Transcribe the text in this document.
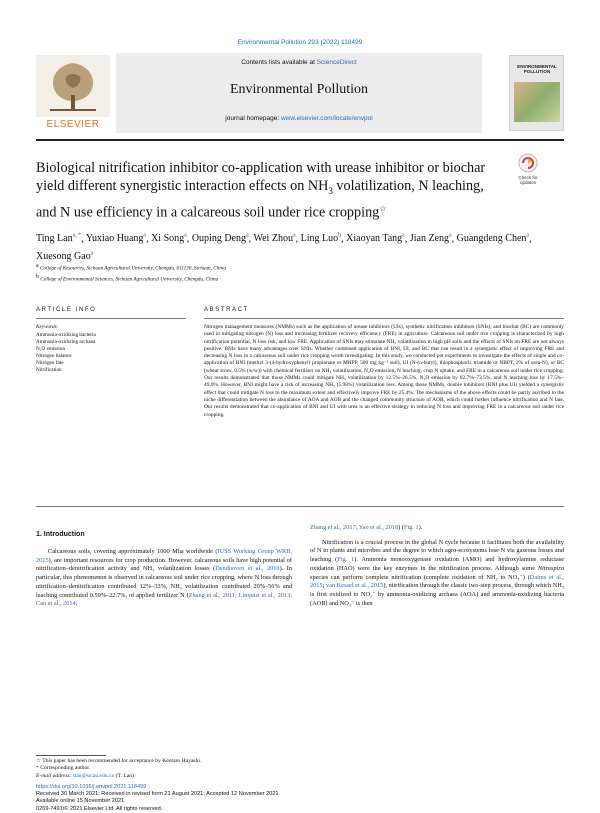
Environmental Pollution 293 (2022) 118499
ELSEVIER
Contents lists available at ScienceDirect
Environmental Pollution
journal homepage: www.elsevier.com/locate/envpol
ENVIRONMENTAL POLLUTION
Biological nitrification inhibitor co-application with urease inhibitor or biochar yield different synergistic interaction effects on $NH_3$ volatilization, N leaching, and N use efficiency in a calcareous soil under rice cropping☆
Check for updates
Ting Lan$^{a, *}$, Yuxiao Huang$^a$, Xi Song$^a$, Ouping Deng$^a$, Wei Zhou$^a$, Ling Luo$^b$, Xiaoyan Tang$^a$, Jian Zeng$^a$, Guangdeng Chen$^a$, Xuesong Gao$^a$
$^a$ College of Resources, Sichuan Agricultural University, Chengdu, 611130, Sichuan, China
$^b$ College of Environmental Sciences, Sichuan Agricultural University, Chengdu, China
ARTICLE INFO
Keywords:
Ammonia-oxidizing bacteria
Ammonia-oxidizing archaea
N₂O emission
Nitrogen balance
Nitrogen fate
Nitrification
ABSTRACT
Nitrogen management measures (NMMs) such as the application of urease inhibitors (UIs), synthetic nitrification inhibitors (SNIs), and biochar (BC) are commonly used in mitigating nitrogen (N) loss and increasing fertilizer recovery efficiency (FRE) in agriculture. Calcareous soil under rice cropping is characterized by high nitrification potential, N loss risk, and low FRE. Application of SNIs may stimulate NH₃ volatilization in high pH soils and the effects of SNIs on FRE are not always positive. BNIs have many advantages over SNIs. Whether combined application of BNI, UI, and BC that can result in a synergistic effect of improving FRE and decreasing N loss in a calcareous soil under rice cropping worth investigating. In this study, we conducted pot experiments to investigate the effects of single and co-application of BNI (methyl 3-(4-hydroxyphenyl) propionate or MHPP, 500 mg kg⁻¹ soil), UI (N-(n-butyl), thiophosphoric triamide or NBPT, 2% of urea-N), or BC (wheat straw, 0.5% (w/w)) with chemical fertilizer on NH₃ volatilization, N₂O emission, N leaching, crop N uptake, and FRE in a calcareous soil under rice cropping. Our results demonstrated that those NMMs could mitigate NH₃ volatilization by 12.5%–26.5%, N₂O emission by 62.7%–73.5%, and N leaching loss by 17.5%–49.0%. However, BNI might have a risk of increasing NH₃ (5.98%) volatilization loss. Among those NMMs, double inhibitors (BNI plus UI) yielded a synergistic effect that could mitigate N loss to the maximum extent and effectively improve FRE by 25.4%. The mechanisms of the above effects could be partly ascribed to the niche differentiation between the abundance of AOA and AOB and the changed community structure of AOB, which could further influence nitrification and N fate. Our results demonstrated that co-application of BNI and UI with urea is an effective strategy in reducing N loss and improving FRE in a calcareous soil under rice cropping.
1. Introduction

Calcareous soils, covering approximately 1000 Mha worldwide (IUSS Working Group WRB, 2015), are important resources for crop production. However, calcareous soils have high potential of nitrification–denitrification activity and NH₃ volatilization losses (Dendooven et al., 2010). In particular, this phenomenon is observed in calcareous soil under rice cropping, where N loss through nitrification–denitrification contributed 12%–33%, NH₃ volatilization contributed 20%–56% and leaching contributed 0.59%–22.7%, of applied fertilizer N (Zhang et al., 2011; Linquist et al., 2013; Cao et al., 2014;

Zhang et al., 2017; Yao et al., 2018) (Fig. 1).

Nitrification is a crucial process in the global N cycle because it facilitates both the availability of N to plants and microbes and the degree to which agro-ecosystems lose N via gaseous losses and leaching (Fig. 1). Ammonia monooxygenase oxidation (AMO) and hydroxylamine reductase oxidation (HAO) were the key enzymes in the nitrification process. Although some Nitrospira species can perform complete nitrification (complete oxidation of NH₃ to NO₃⁻) (Daims et al., 2015; van Kessel et al., 2015), nitrification through the classic two-step process, through which NH₃ is first oxidized to NO₂⁻ by ammonia-oxidizing archaea (AOA) and ammonia-oxidizing bacteria (AOB) and NO₂⁻ is then

☆ This paper has been recommended for acceptance by Kentaro Hayashi.
* Corresponding author.
E-mail address: tlan@sicau.edu.cn (T. Lan).
https://doi.org/10.1016/j.envpol.2021.118499
Received 30 March 2021; Received in revised form 21 August 2021; Accepted 12 November 2021
Available online 15 November 2021
0269-7491/© 2021 Elsevier Ltd. All rights reserved.
